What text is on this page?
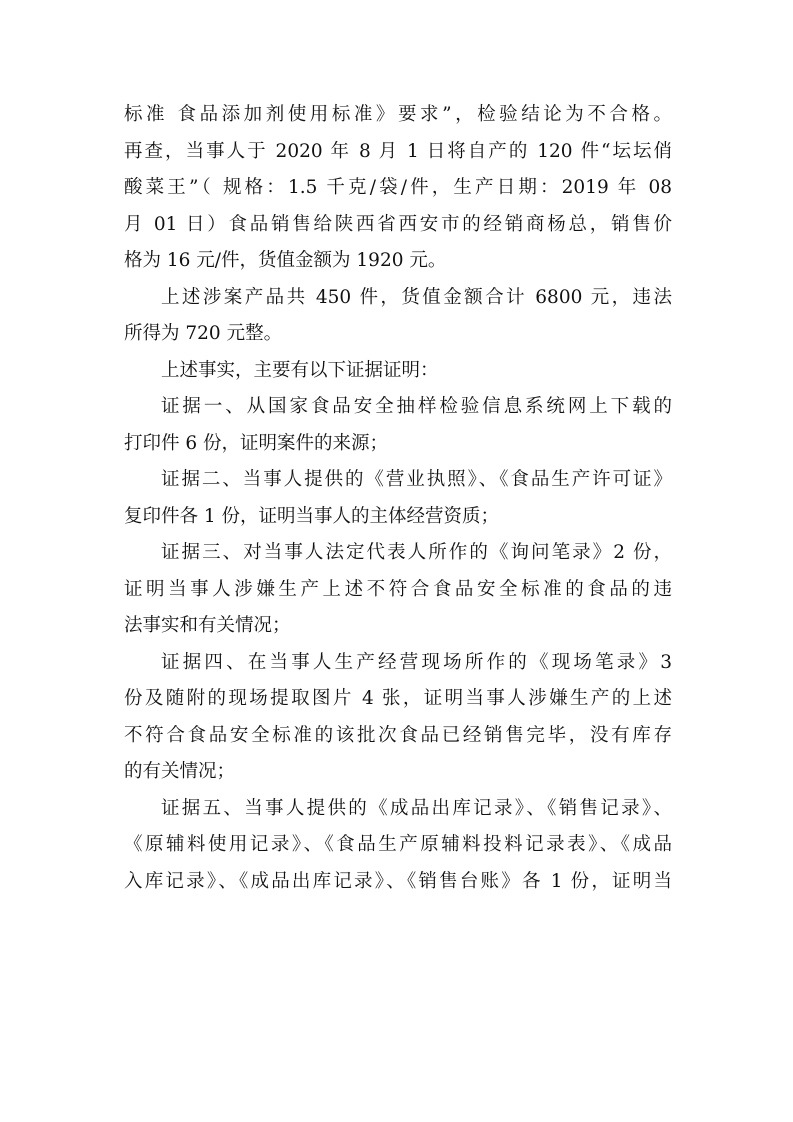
标准 食品添加剂使用标准》要求”，检验结论为不合格。
再查，当事人于 2020 年 8 月 1 日将自产的 120 件“坛坛俏
酸菜王”（ 规格：1.5 千克/袋/件，生产日期：2019 年 08
月 01 日）食品销售给陕西省西安市的经销商杨总，销售价
格为 16 元/件，货值金额为 1920 元。
上述涉案产品共 450 件，货值金额合计 6800 元，违法
所得为 720 元整。
上述事实，主要有以下证据证明：
证据一、从国家食品安全抽样检验信息系统网上下载的
打印件 6 份，证明案件的来源；
证据二、当事人提供的《营业执照》、《食品生产许可证》
复印件各 1 份，证明当事人的主体经营资质；
证据三、对当事人法定代表人所作的《询问笔录》2 份，
证明当事人涉嫌生产上述不符合食品安全标准的食品的违
法事实和有关情况；
证据四、在当事人生产经营现场所作的《现场笔录》3
份及随附的现场提取图片 4 张，证明当事人涉嫌生产的上述
不符合食品安全标准的该批次食品已经销售完毕，没有库存
的有关情况；
证据五、当事人提供的《成品出库记录》、《销售记录》、
《原辅料使用记录》、《食品生产原辅料投料记录表》、《成品
入库记录》、《成品出库记录》、《销售台账》各 1 份，证明当
